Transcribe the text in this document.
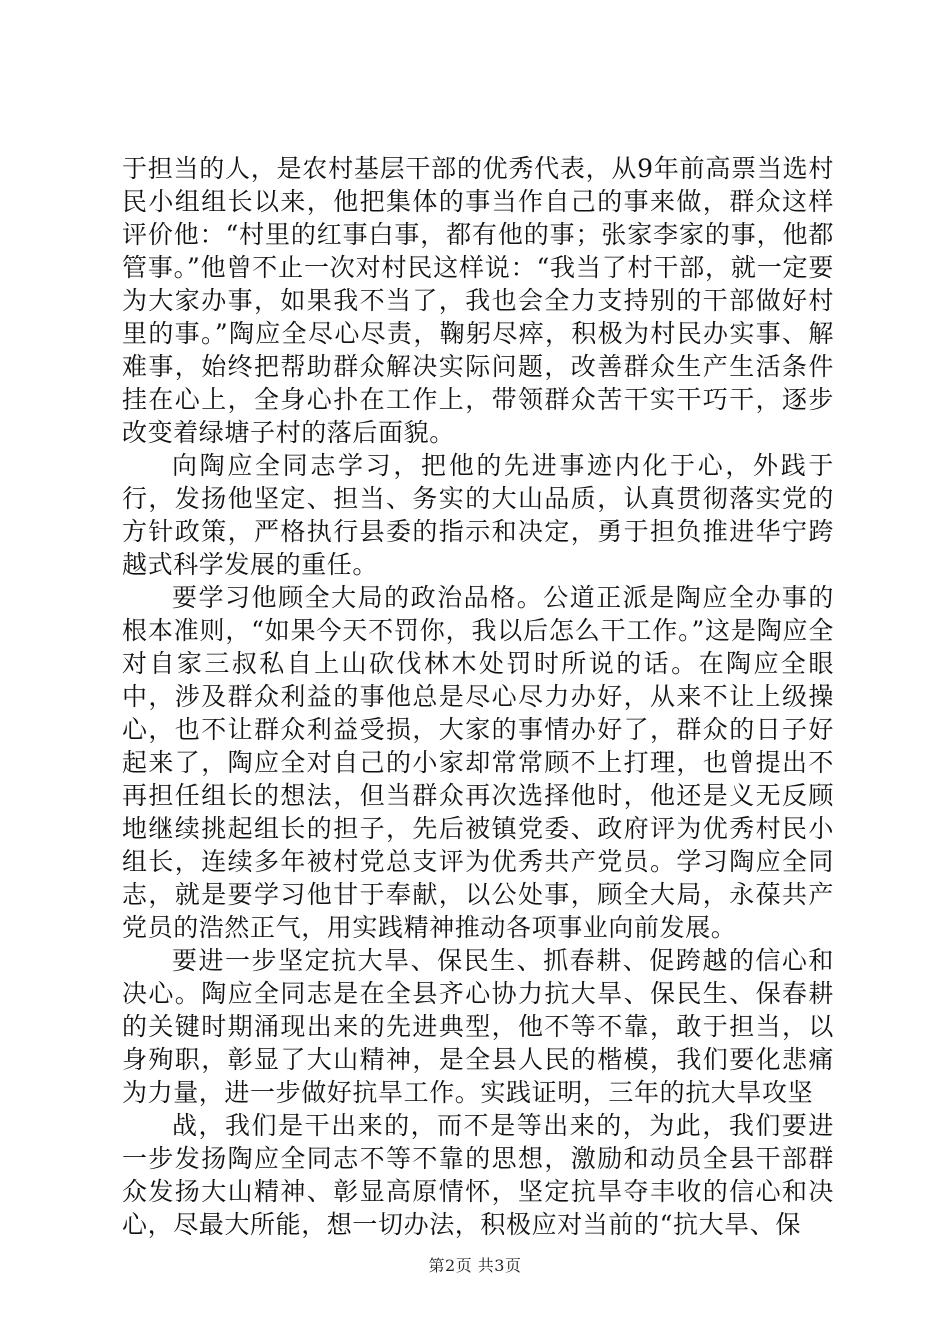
于担当的人，是农村基层干部的优秀代表，从9年前高票当选村民小组组长以来，他把集体的事当作自己的事来做，群众这样评价他：“村里的红事白事，都有他的事；张家李家的事，他都管事。”他曾不止一次对村民这样说：“我当了村干部，就一定要为大家办事，如果我不当了，我也会全力支持别的干部做好村里的事。”陶应全尽心尽责，鞠躬尽瘁，积极为村民办实事、解难事，始终把帮助群众解决实际问题，改善群众生产生活条件挂在心上，全身心扑在工作上，带领群众苦干实干巧干，逐步改变着绿塘子村的落后面貌。

向陶应全同志学习，把他的先进事迹内化于心，外践于行，发扬他坚定、担当、务实的大山品质，认真贯彻落实党的方针政策，严格执行县委的指示和决定，勇于担负推进华宁跨越式科学发展的重任。

要学习他顾全大局的政治品格。公道正派是陶应全办事的根本准则，“如果今天不罚你，我以后怎么干工作。”这是陶应全对自家三叔私自上山砍伐林木处罚时所说的话。在陶应全眼中，涉及群众利益的事他总是尽心尽力办好，从来不让上级操心，也不让群众利益受损，大家的事情办好了，群众的日子好起来了，陶应全对自己的小家却常常顾不上打理，也曾提出不再担任组长的想法，但当群众再次选择他时，他还是义无反顾地继续挑起组长的担子，先后被镇党委、政府评为优秀村民小组长，连续多年被村党总支评为优秀共产党员。学习陶应全同志，就是要学习他甘于奉献，以公处事，顾全大局，永葆共产党员的浩然正气，用实践精神推动各项事业向前发展。

要进一步坚定抗大旱、保民生、抓春耕、促跨越的信心和决心。陶应全同志是在全县齐心协力抗大旱、保民生、保春耕的关键时期涌现出来的先进典型，他不等不靠，敢于担当，以身殉职，彰显了大山精神，是全县人民的楷模，我们要化悲痛为力量，进一步做好抗旱工作。实践证明，三年的抗大旱攻坚

战，我们是干出来的，而不是等出来的，为此，我们要进一步发扬陶应全同志不等不靠的思想，激励和动员全县干部群众发扬大山精神、彰显高原情怀，坚定抗旱夺丰收的信心和决心，尽最大所能，想一切办法，积极应对当前的“抗大旱、保

第2页 共3页
